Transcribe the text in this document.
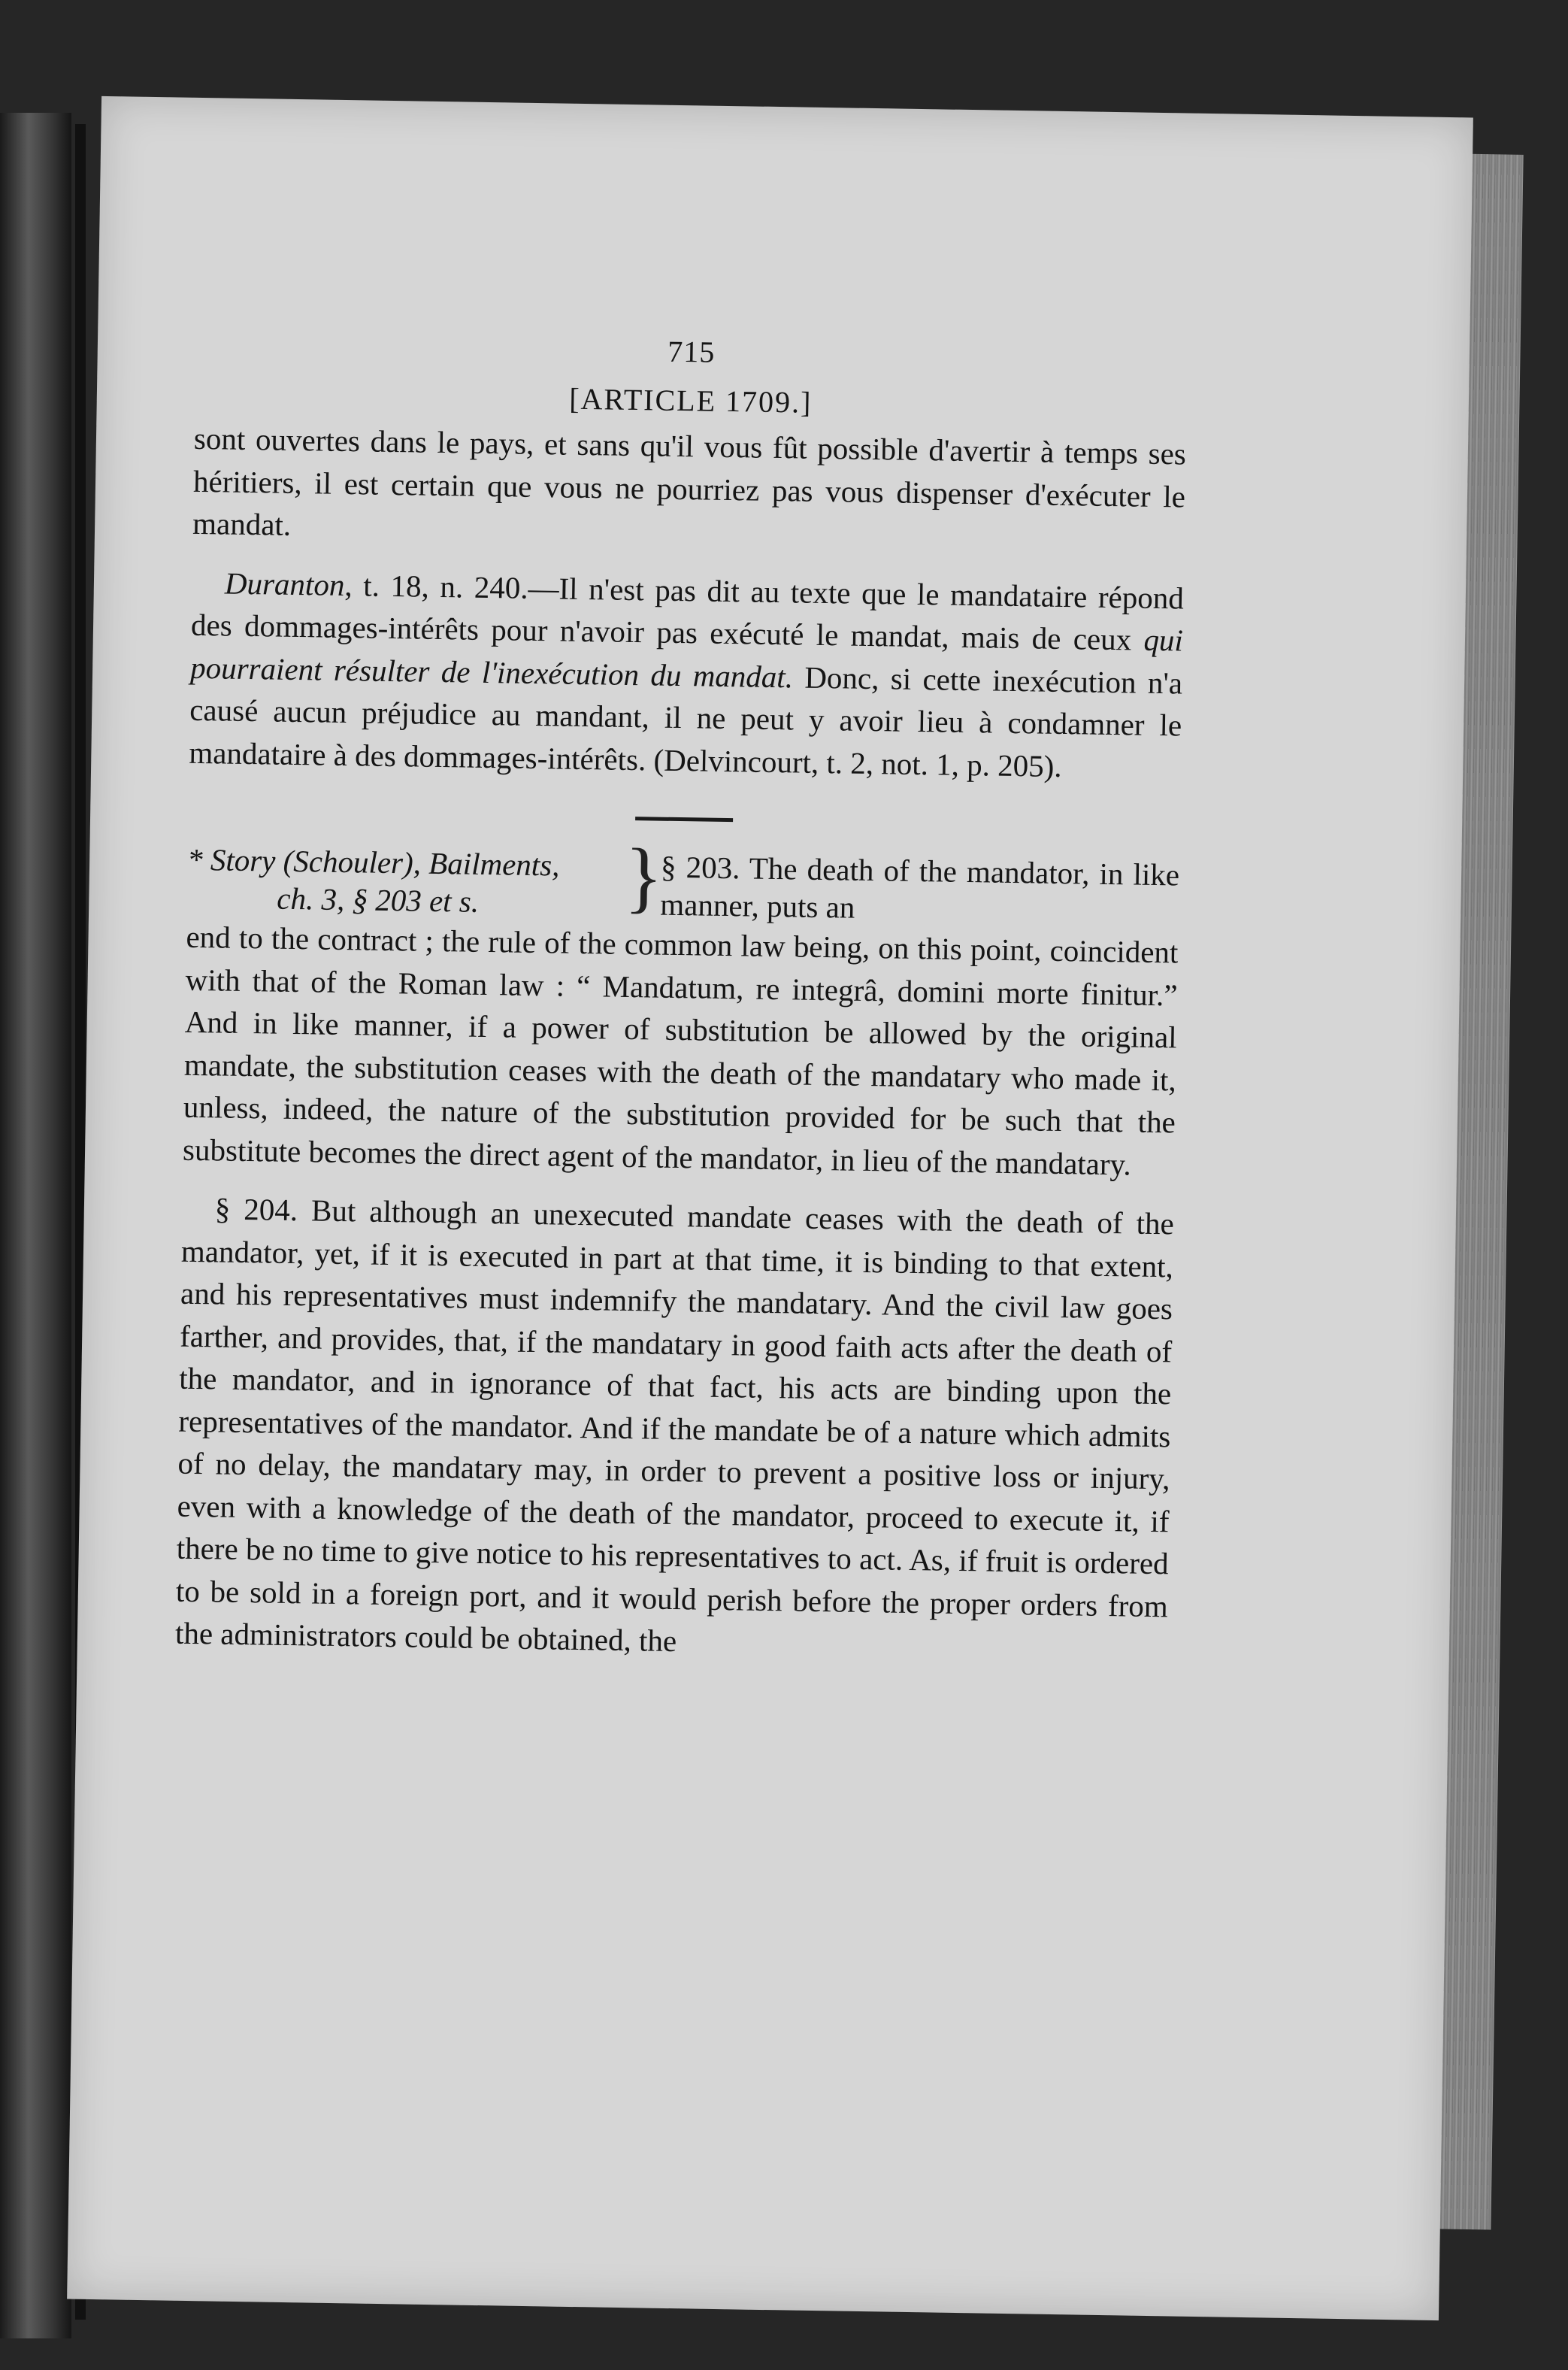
715
[ARTICLE 1709.]

sont ouvertes dans le pays, et sans qu'il vous fût possible d'avertir à temps ses héritiers, il est certain que vous ne pourriez pas vous dispenser d'exécuter le mandat.

Duranton, t. 18, n. 240.—Il n'est pas dit au texte que le mandataire répond des dommages-intérêts pour n'avoir pas exécuté le mandat, mais de ceux qui pourraient résulter de l'inexécution du mandat. Donc, si cette inexécution n'a causé aucun préjudice au mandant, il ne peut y avoir lieu à condamner le mandataire à des dommages-intérêts. (Delvincourt, t. 2, not. 1, p. 205).

* Story (Schouler), Bailments,
ch. 3, § 203 et s.	}
§ 203. The death of the mandator, in like manner, puts an

end to the contract ; the rule of the common law being, on this point, coincident with that of the Roman law : “ Mandatum, re integrâ, domini morte finitur.” And in like manner, if a power of substitution be allowed by the original mandate, the substitution ceases with the death of the mandatary who made it, unless, indeed, the nature of the substitution provided for be such that the substitute becomes the direct agent of the mandator, in lieu of the mandatary.

§ 204. But although an unexecuted mandate ceases with the death of the mandator, yet, if it is executed in part at that time, it is binding to that extent, and his representatives must indemnify the mandatary. And the civil law goes farther, and provides, that, if the mandatary in good faith acts after the death of the mandator, and in ignorance of that fact, his acts are binding upon the representatives of the mandator. And if the mandate be of a nature which admits of no delay, the mandatary may, in order to prevent a positive loss or injury, even with a knowledge of the death of the mandator, proceed to execute it, if there be no time to give notice to his representatives to act. As, if fruit is ordered to be sold in a foreign port, and it would perish before the proper orders from the administrators could be obtained, the
